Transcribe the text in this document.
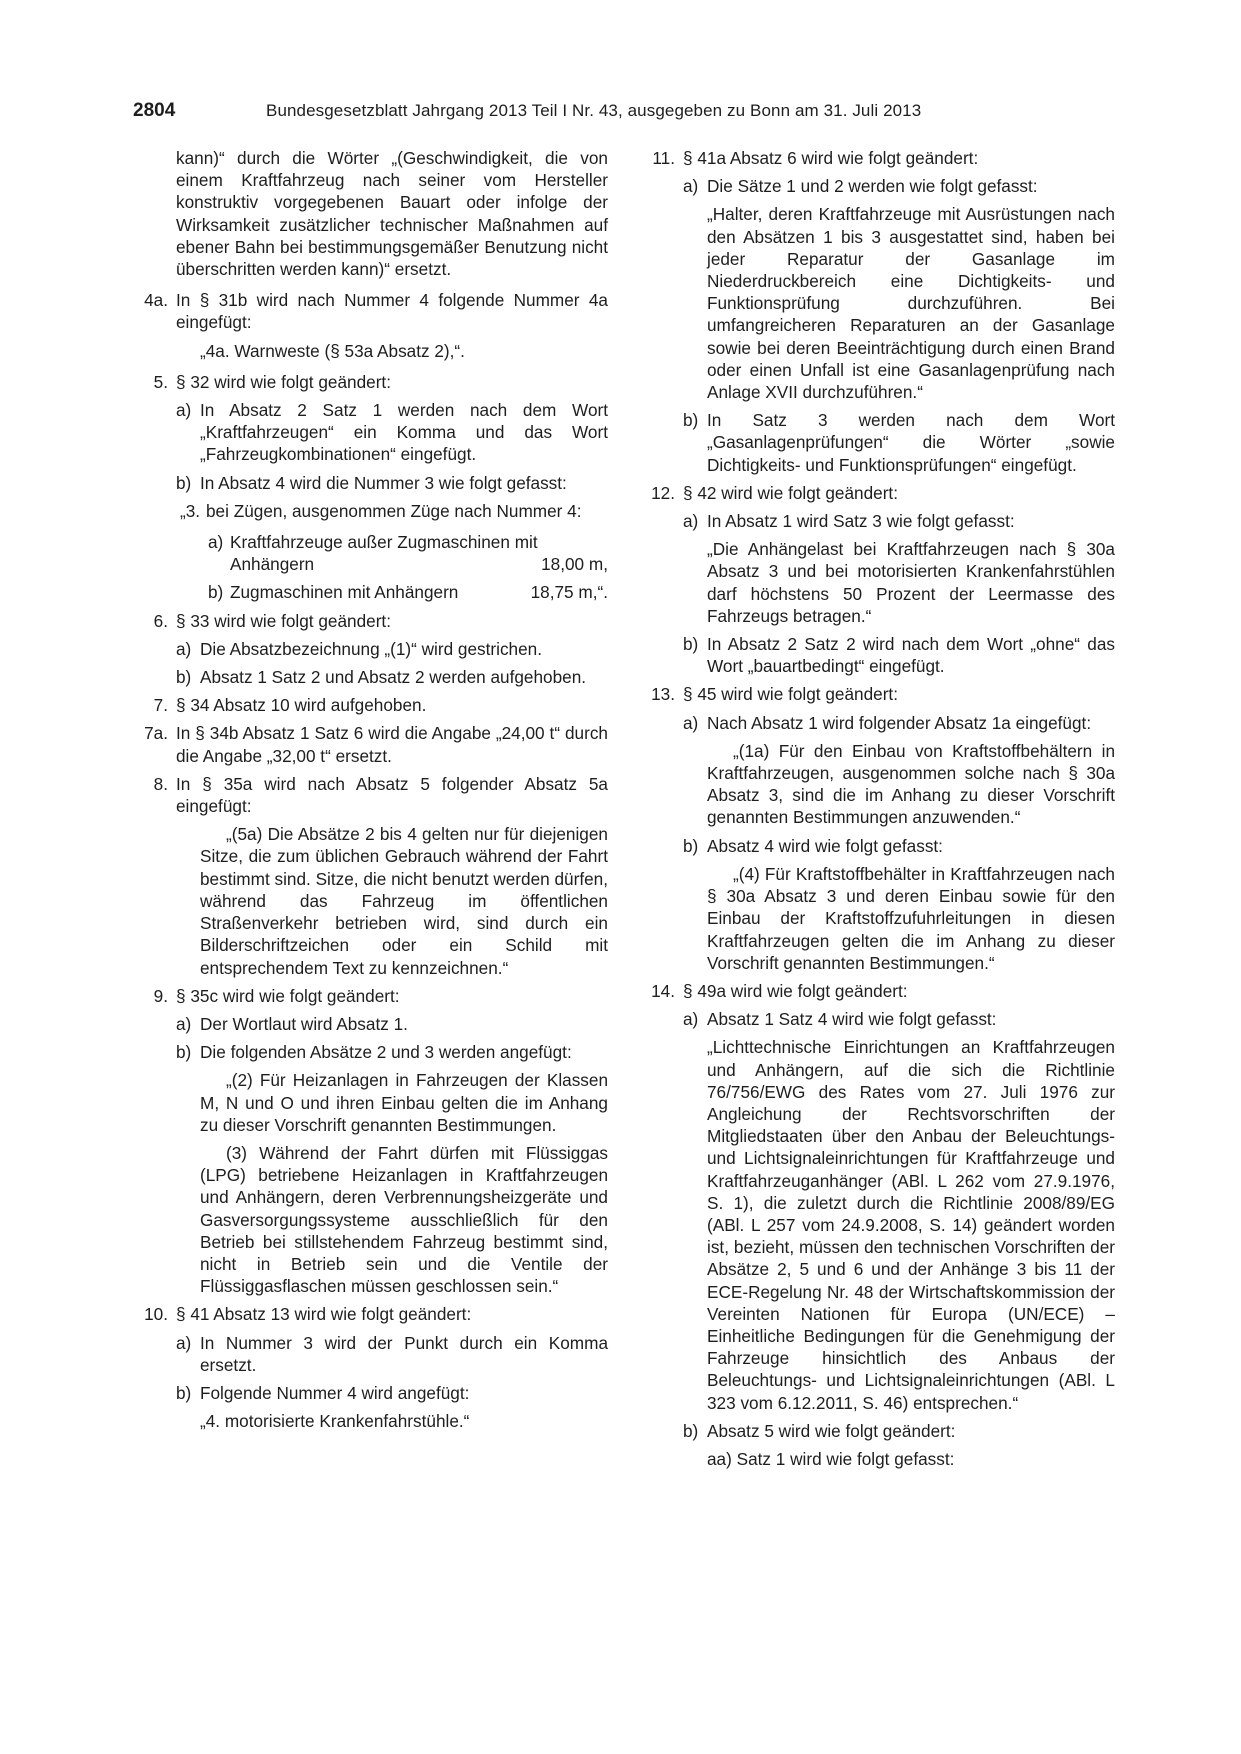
2804	Bundesgesetzblatt Jahrgang 2013 Teil I Nr. 43, ausgegeben zu Bonn am 31. Juli 2013
kann)“ durch die Wörter „(Geschwindigkeit, die von einem Kraftfahrzeug nach seiner vom Hersteller konstruktiv vorgegebenen Bauart oder infolge der Wirksamkeit zusätzlicher technischer Maßnahmen auf ebener Bahn bei bestimmungsgemäßer Benutzung nicht überschritten werden kann)“ ersetzt.
4a. In § 31b wird nach Nummer 4 folgende Nummer 4a eingefügt:
„4a. Warnweste (§ 53a Absatz 2),“.
5. § 32 wird wie folgt geändert:
a) In Absatz 2 Satz 1 werden nach dem Wort „Kraftfahrzeugen“ ein Komma und das Wort „Fahrzeugkombinationen“ eingefügt.
b) In Absatz 4 wird die Nummer 3 wie folgt gefasst:
„3. bei Zügen, ausgenommen Züge nach Nummer 4:
a) Kraftfahrzeuge außer Zugmaschinen mit Anhängern	18,00 m,
b) Zugmaschinen mit Anhängern	18,75 m,“.
6. § 33 wird wie folgt geändert:
a) Die Absatzbezeichnung „(1)“ wird gestrichen.
b) Absatz 1 Satz 2 und Absatz 2 werden aufgehoben.
7. § 34 Absatz 10 wird aufgehoben.
7a. In § 34b Absatz 1 Satz 6 wird die Angabe „24,00 t“ durch die Angabe „32,00 t“ ersetzt.
8. In § 35a wird nach Absatz 5 folgender Absatz 5a eingefügt:
„(5a) Die Absätze 2 bis 4 gelten nur für diejenigen Sitze, die zum üblichen Gebrauch während der Fahrt bestimmt sind. Sitze, die nicht benutzt werden dürfen, während das Fahrzeug im öffentlichen Straßenverkehr betrieben wird, sind durch ein Bilderschriftzeichen oder ein Schild mit entsprechendem Text zu kennzeichnen.“
9. § 35c wird wie folgt geändert:
a) Der Wortlaut wird Absatz 1.
b) Die folgenden Absätze 2 und 3 werden angefügt:
„(2) Für Heizanlagen in Fahrzeugen der Klassen M, N und O und ihren Einbau gelten die im Anhang zu dieser Vorschrift genannten Bestimmungen.
(3) Während der Fahrt dürfen mit Flüssiggas (LPG) betriebene Heizanlagen in Kraftfahrzeugen und Anhängern, deren Verbrennungsheizgeräte und Gasversorgungssysteme ausschließlich für den Betrieb bei stillstehendem Fahrzeug bestimmt sind, nicht in Betrieb sein und die Ventile der Flüssiggasflaschen müssen geschlossen sein.“
10. § 41 Absatz 13 wird wie folgt geändert:
a) In Nummer 3 wird der Punkt durch ein Komma ersetzt.
b) Folgende Nummer 4 wird angefügt:
„4. motorisierte Krankenfahrstühle.“
11. § 41a Absatz 6 wird wie folgt geändert:
a) Die Sätze 1 und 2 werden wie folgt gefasst:
„Halter, deren Kraftfahrzeuge mit Ausrüstungen nach den Absätzen 1 bis 3 ausgestattet sind, haben bei jeder Reparatur der Gasanlage im Niederdruckbereich eine Dichtigkeits- und Funktionsprüfung durchzuführen. Bei umfangreicheren Reparaturen an der Gasanlage sowie bei deren Beeinträchtigung durch einen Brand oder einen Unfall ist eine Gasanlagenprüfung nach Anlage XVII durchzuführen.“
b) In Satz 3 werden nach dem Wort „Gasanlagenprüfungen“ die Wörter „sowie Dichtigkeits- und Funktionsprüfungen“ eingefügt.
12. § 42 wird wie folgt geändert:
a) In Absatz 1 wird Satz 3 wie folgt gefasst:
„Die Anhängelast bei Kraftfahrzeugen nach § 30a Absatz 3 und bei motorisierten Krankenfahrstühlen darf höchstens 50 Prozent der Leermasse des Fahrzeugs betragen.“
b) In Absatz 2 Satz 2 wird nach dem Wort „ohne“ das Wort „bauartbedingt“ eingefügt.
13. § 45 wird wie folgt geändert:
a) Nach Absatz 1 wird folgender Absatz 1a eingefügt:
„(1a) Für den Einbau von Kraftstoffbehältern in Kraftfahrzeugen, ausgenommen solche nach § 30a Absatz 3, sind die im Anhang zu dieser Vorschrift genannten Bestimmungen anzuwenden.“
b) Absatz 4 wird wie folgt gefasst:
„(4) Für Kraftstoffbehälter in Kraftfahrzeugen nach § 30a Absatz 3 und deren Einbau sowie für den Einbau der Kraftstoffzufuhrleitungen in diesen Kraftfahrzeugen gelten die im Anhang zu dieser Vorschrift genannten Bestimmungen.“
14. § 49a wird wie folgt geändert:
a) Absatz 1 Satz 4 wird wie folgt gefasst:
„Lichttechnische Einrichtungen an Kraftfahrzeugen und Anhängern, auf die sich die Richtlinie 76/756/EWG des Rates vom 27. Juli 1976 zur Angleichung der Rechtsvorschriften der Mitgliedstaaten über den Anbau der Beleuchtungs- und Lichtsignaleinrichtungen für Kraftfahrzeuge und Kraftfahrzeuganhänger (ABl. L 262 vom 27.9.1976, S. 1), die zuletzt durch die Richtlinie 2008/89/EG (ABl. L 257 vom 24.9.2008, S. 14) geändert worden ist, bezieht, müssen den technischen Vorschriften der Absätze 2, 5 und 6 und der Anhänge 3 bis 11 der ECE-Regelung Nr. 48 der Wirtschaftskommission der Vereinten Nationen für Europa (UN/ECE) – Einheitliche Bedingungen für die Genehmigung der Fahrzeuge hinsichtlich des Anbaus der Beleuchtungs- und Lichtsignaleinrichtungen (ABl. L 323 vom 6.12.2011, S. 46) entsprechen.“
b) Absatz 5 wird wie folgt geändert:
aa) Satz 1 wird wie folgt gefasst:
